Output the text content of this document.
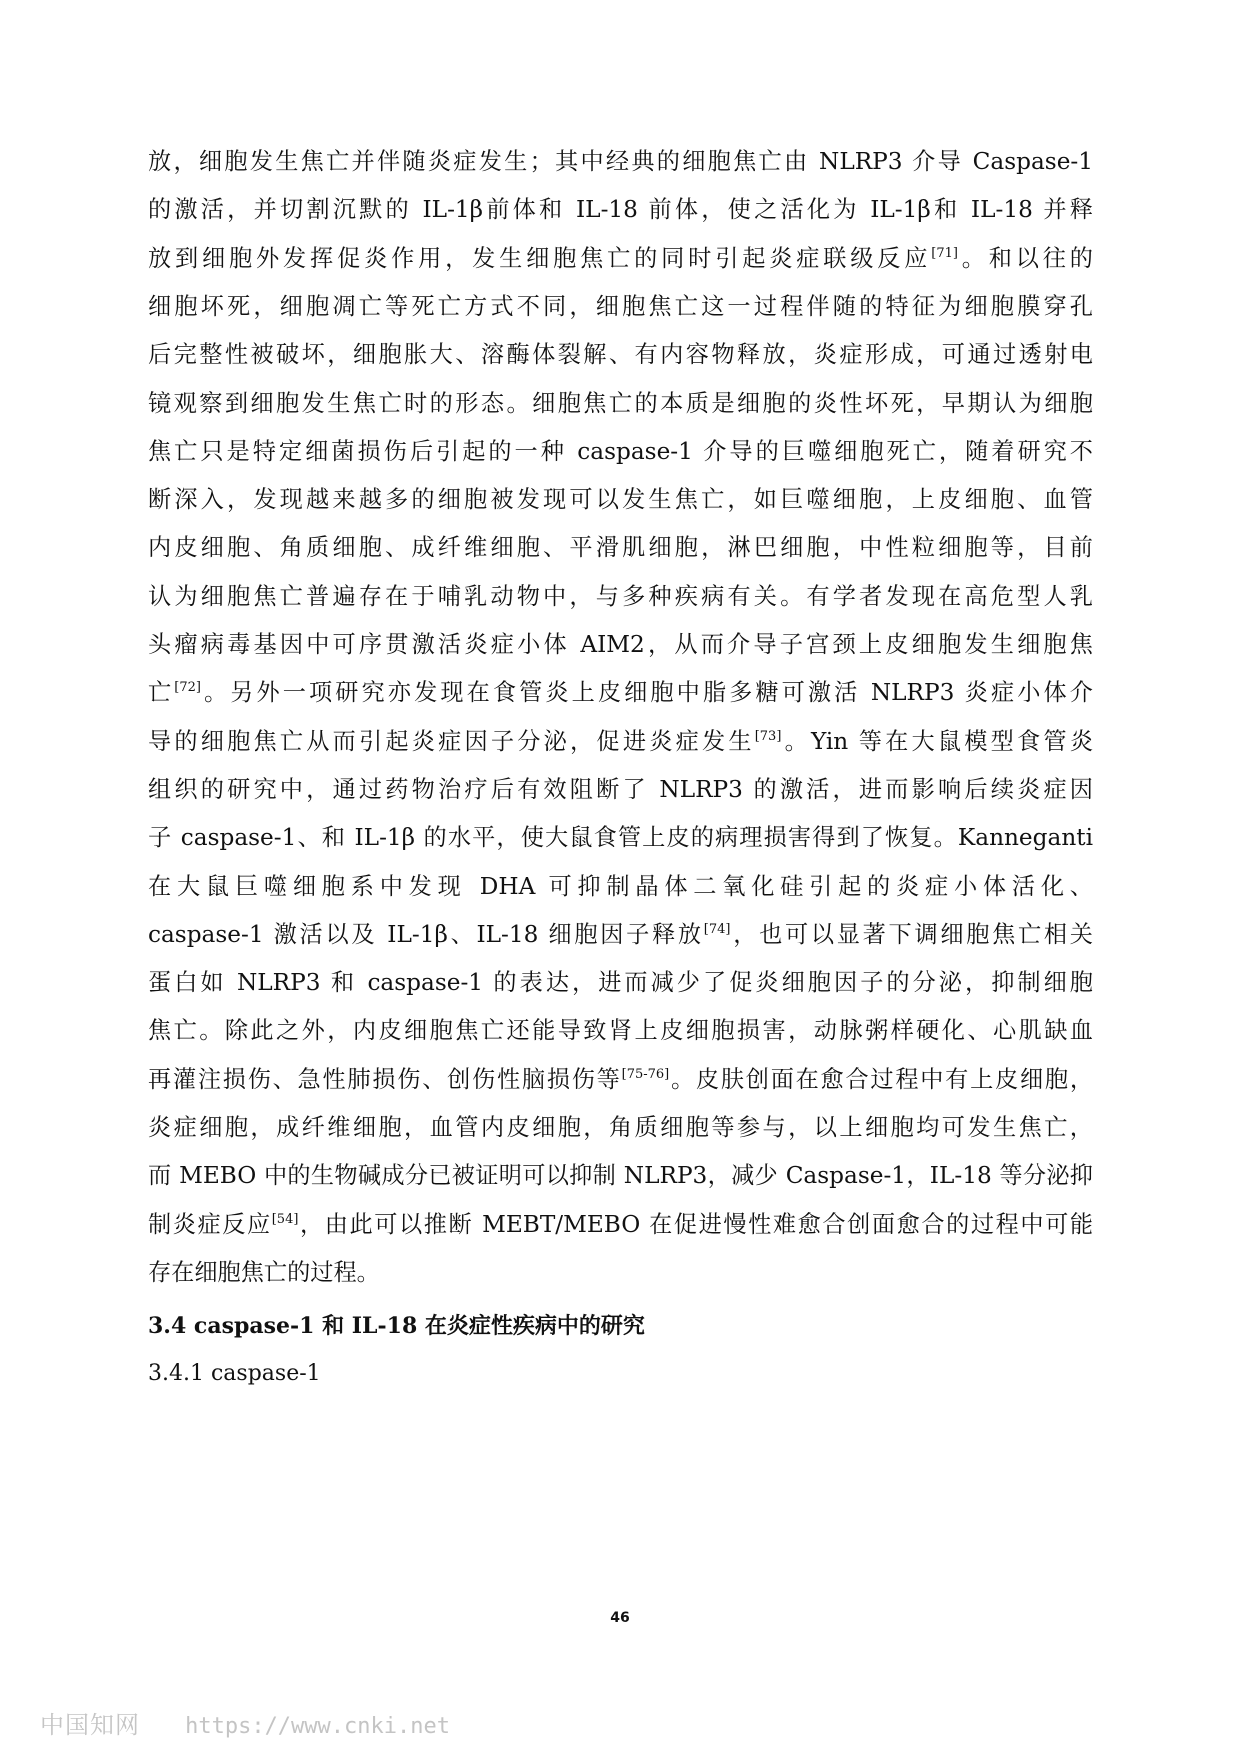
放，细胞发生焦亡并伴随炎症发生；其中经典的细胞焦亡由 NLRP3 介导 Caspase-1
的激活，并切割沉默的 IL-1β前体和 IL-18 前体，使之活化为 IL-1β和 IL-18 并释
放到细胞外发挥促炎作用，发生细胞焦亡的同时引起炎症联级反应[71]。和以往的
细胞坏死，细胞凋亡等死亡方式不同，细胞焦亡这一过程伴随的特征为细胞膜穿孔
后完整性被破坏，细胞胀大、溶酶体裂解、有内容物释放，炎症形成，可通过透射电
镜观察到细胞发生焦亡时的形态。细胞焦亡的本质是细胞的炎性坏死，早期认为细胞
焦亡只是特定细菌损伤后引起的一种 caspase-1 介导的巨噬细胞死亡，随着研究不
断深入，发现越来越多的细胞被发现可以发生焦亡，如巨噬细胞，上皮细胞、血管
内皮细胞、角质细胞、成纤维细胞、平滑肌细胞，淋巴细胞，中性粒细胞等，目前
认为细胞焦亡普遍存在于哺乳动物中，与多种疾病有关。有学者发现在高危型人乳
头瘤病毒基因中可序贯激活炎症小体 AIM2，从而介导子宫颈上皮细胞发生细胞焦
亡[72]。另外一项研究亦发现在食管炎上皮细胞中脂多糖可激活 NLRP3 炎症小体介
导的细胞焦亡从而引起炎症因子分泌，促进炎症发生[73]。Yin 等在大鼠模型食管炎
组织的研究中，通过药物治疗后有效阻断了 NLRP3 的激活，进而影响后续炎症因
子 caspase-1、和 IL-1β 的水平，使大鼠食管上皮的病理损害得到了恢复。Kanneganti
在大鼠巨噬细胞系中发现 DHA 可抑制晶体二氧化硅引起的炎症小体活化、
caspase-1 激活以及 IL-1β、IL-18 细胞因子释放[74]，也可以显著下调细胞焦亡相关
蛋白如 NLRP3 和 caspase-1 的表达，进而减少了促炎细胞因子的分泌，抑制细胞
焦亡。除此之外，内皮细胞焦亡还能导致肾上皮细胞损害，动脉粥样硬化、心肌缺血
再灌注损伤、急性肺损伤、创伤性脑损伤等[75-76]。皮肤创面在愈合过程中有上皮细胞，
炎症细胞，成纤维细胞，血管内皮细胞，角质细胞等参与，以上细胞均可发生焦亡，
而 MEBO 中的生物碱成分已被证明可以抑制 NLRP3，减少 Caspase-1，IL-18 等分泌抑
制炎症反应[54]，由此可以推断 MEBT/MEBO 在促进慢性难愈合创面愈合的过程中可能
存在细胞焦亡的过程。
3.4 caspase-1 和 IL-18 在炎症性疾病中的研究
3.4.1 caspase-1
46
中国知网 https://www.cnki.net
